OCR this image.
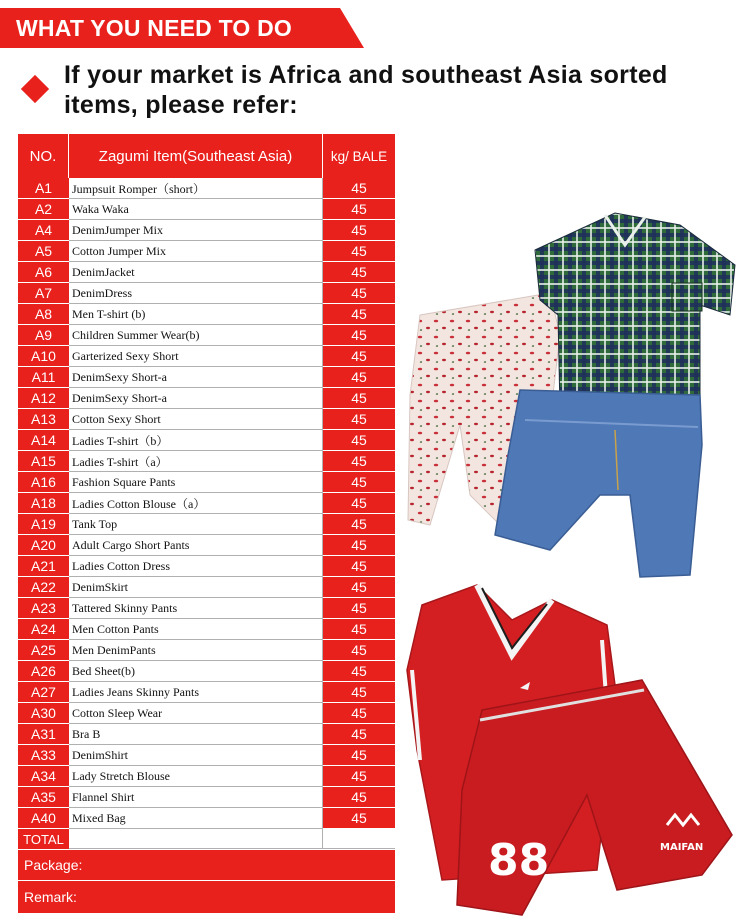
WHAT YOU NEED TO DO
If your market is Africa and southeast Asia sorted items, please refer:
NO.	Zagumi Item(Southeast Asia)	kg/ BALE
A1	Jumpsuit Romper（short）	45
A2	Waka Waka	45
A4	DenimJumper Mix	45
A5	Cotton Jumper Mix	45
A6	DenimJacket	45
A7	DenimDress	45
A8	Men T-shirt (b)	45
A9	Children Summer Wear(b)	45
A10	Garterized Sexy Short	45
A11	DenimSexy Short-a	45
A12	DenimSexy Short-a	45
A13	Cotton Sexy Short	45
A14	Ladies T-shirt（b）	45
A15	Ladies T-shirt（a）	45
A16	Fashion Square Pants	45
A18	Ladies Cotton Blouse（a）	45
A19	Tank Top	45
A20	Adult Cargo Short Pants	45
A21	Ladies Cotton Dress	45
A22	DenimSkirt	45
A23	Tattered Skinny Pants	45
A24	Men Cotton Pants	45
A25	Men DenimPants	45
A26	Bed Sheet(b)	45
A27	Ladies Jeans Skinny Pants	45
A30	Cotton Sleep Wear	45
A31	Bra B	45
A33	DenimShirt	45
A34	Lady Stretch Blouse	45
A35	Flannel Shirt	45
A40	Mixed Bag	45
TOTAL
Package:
Remark:
88	MAIFAN
